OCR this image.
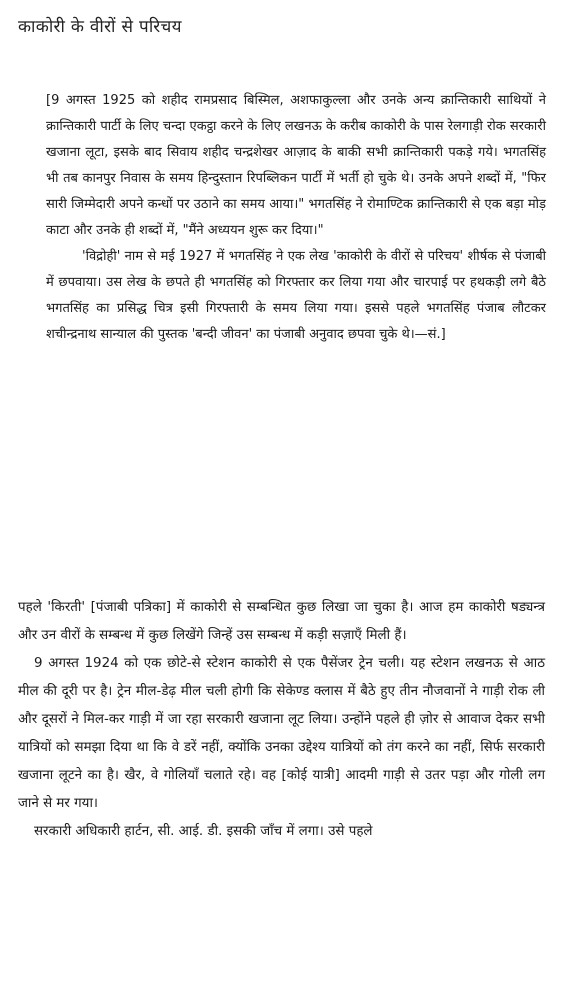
काकोरी के वीरों से परिचय

[9 अगस्त 1925 को शहीद रामप्रसाद बिस्मिल, अशफाकुल्ला और उनके अन्य क्रान्तिकारी साथियों ने क्रान्तिकारी पार्टी के लिए चन्दा एकट्ठा करने के लिए लखनऊ के करीब काकोरी के पास रेलगाड़ी रोक सरकारी खजाना लूटा, इसके बाद सिवाय शहीद चन्द्रशेखर आज़ाद के बाकी सभी क्रान्तिकारी पकड़े गये। भगतसिंह भी तब कानपुर निवास के समय हिन्दुस्तान रिपब्लिकन पार्टी में भर्ती हो चुके थे। उनके अपने शब्दों में, "फिर सारी जिम्मेदारी अपने कन्धों पर उठाने का समय आया।" भगतसिंह ने रोमाण्टिक क्रान्तिकारी से एक बड़ा मोड़ काटा और उनके ही शब्दों में, "मैंने अध्ययन शुरू कर दिया।"

'विद्रोही' नाम से मई 1927 में भगतसिंह ने एक लेख 'काकोरी के वीरों से परिचय' शीर्षक से पंजाबी में छपवाया। उस लेख के छपते ही भगतसिंह को गिरफ्तार कर लिया गया और चारपाई पर हथकड़ी लगे बैठे भगतसिंह का प्रसिद्ध चित्र इसी गिरफ्तारी के समय लिया गया। इससे पहले भगतसिंह पंजाब लौटकर शचीन्द्रनाथ सान्याल की पुस्तक 'बन्दी जीवन' का पंजाबी अनुवाद छपवा चुके थे।—सं.]

पहले 'किरती' [पंजाबी पत्रिका] में काकोरी से सम्बन्धित कुछ लिखा जा चुका है। आज हम काकोरी षड्यन्त्र और उन वीरों के सम्बन्ध में कुछ लिखेंगे जिन्हें उस सम्बन्ध में कड़ी सज़ाएँ मिली हैं।

9 अगस्त 1924 को एक छोटे-से स्टेशन काकोरी से एक पैसेंजर ट्रेन चली। यह स्टेशन लखनऊ से आठ मील की दूरी पर है। ट्रेन मील-डेढ़ मील चली होगी कि सेकेण्ड क्लास में बैठे हुए तीन नौजवानों ने गाड़ी रोक ली और दूसरों ने मिल-कर गाड़ी में जा रहा सरकारी खजाना लूट लिया। उन्होंने पहले ही ज़ोर से आवाज देकर सभी यात्रियों को समझा दिया था कि वे डरें नहीं, क्योंकि उनका उद्देश्य यात्रियों को तंग करने का नहीं, सिर्फ सरकारी खजाना लूटने का है। खैर, वे गोलियाँ चलाते रहे। वह [कोई यात्री] आदमी गाड़ी से उतर पड़ा और गोली लग जाने से मर गया।

सरकारी अधिकारी हार्टन, सी. आई. डी. इसकी जाँच में लगा। उसे पहले
